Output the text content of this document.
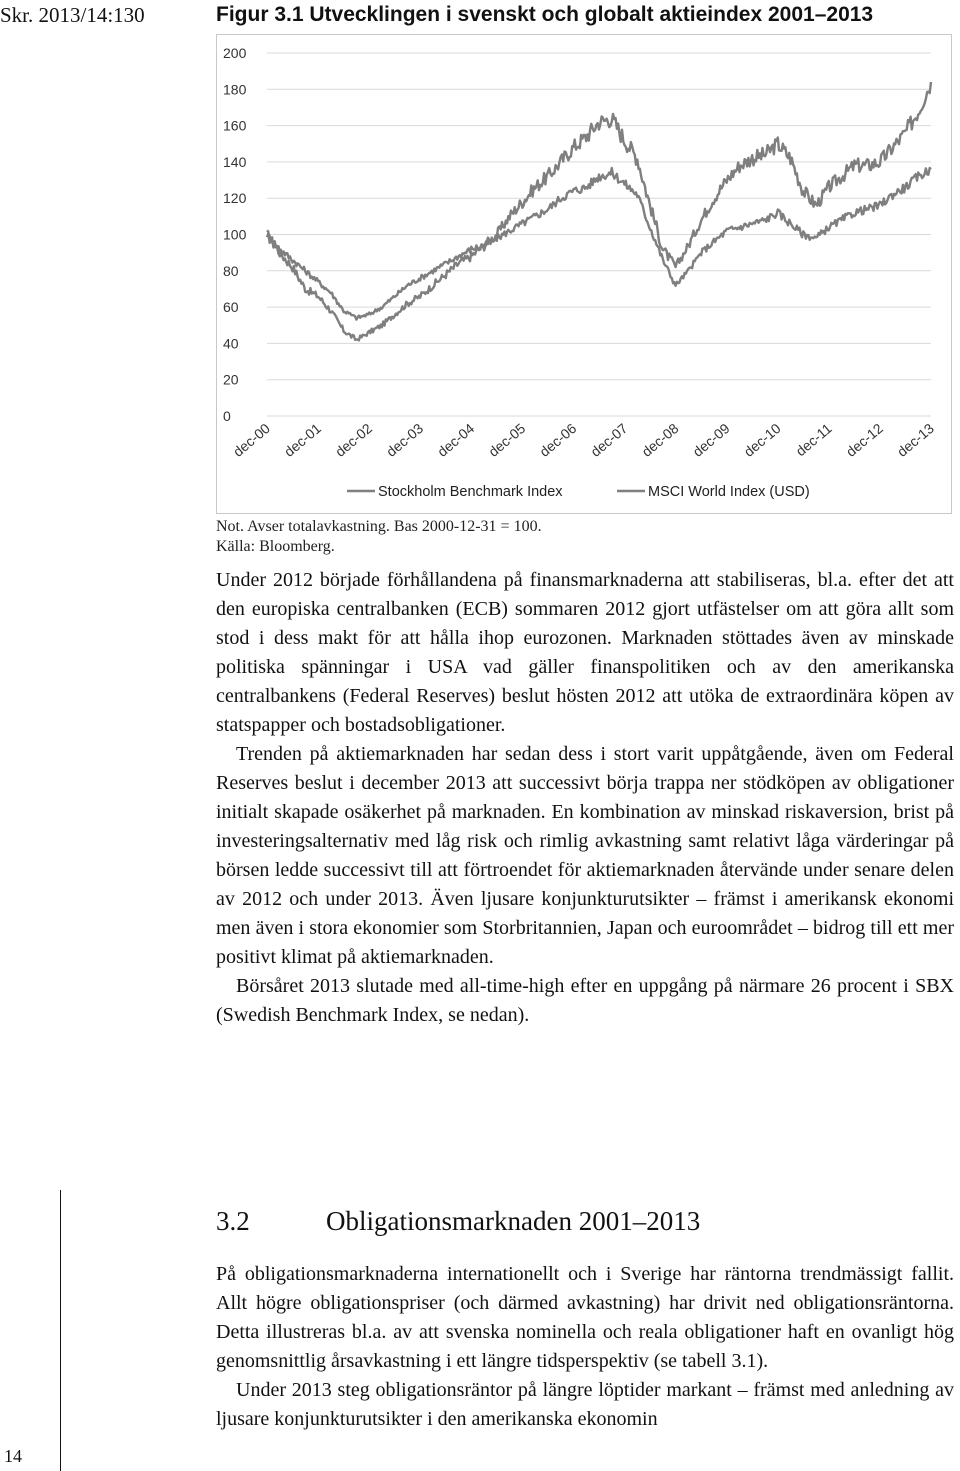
Skr. 2013/14:130	Figur 3.1 Utvecklingen i svenskt och globalt aktieindex 2001–2013
0
20
40
60
80
100
120
140
160
180
200
dec-00 dec-01 dec-02 dec-03 dec-04 dec-05 dec-06 dec-07 dec-08 dec-09 dec-10 dec-11 dec-12 dec-13
Stockholm Benchmark Index	MSCI World Index (USD)
Not. Avser totalavkastning. Bas 2000-12-31 = 100.
Källa: Bloomberg.

Under 2012 började förhållandena på finansmarknaderna att stabiliseras, bl.a. efter det att den europiska centralbanken (ECB) sommaren 2012 gjort utfästelser om att göra allt som stod i dess makt för att hålla ihop eurozonen. Marknaden stöttades även av minskade politiska spänningar i USA vad gäller finanspolitiken och av den amerikanska centralbankens (Federal Reserves) beslut hösten 2012 att utöka de extraordinära köpen av statspapper och bostadsobligationer.

Trenden på aktiemarknaden har sedan dess i stort varit uppåtgående, även om Federal Reserves beslut i december 2013 att successivt börja trappa ner stödköpen av obligationer initialt skapade osäkerhet på marknaden. En kombination av minskad riskaversion, brist på investeringsalternativ med låg risk och rimlig avkastning samt relativt låga värderingar på börsen ledde successivt till att förtroendet för aktiemarknaden återvände under senare delen av 2012 och under 2013. Även ljusare konjunkturutsikter – främst i amerikansk ekonomi men även i stora ekonomier som Storbritannien, Japan och euroområdet – bidrog till ett mer positivt klimat på aktiemarknaden.

Börsåret 2013 slutade med all-time-high efter en uppgång på närmare 26 procent i SBX (Swedish Benchmark Index, se nedan).

3.2	Obligationsmarknaden 2001–2013

På obligationsmarknaderna internationellt och i Sverige har räntorna trendmässigt fallit. Allt högre obligationspriser (och därmed avkastning) har drivit ned obligationsräntorna. Detta illustreras bl.a. av att svenska nominella och reala obligationer haft en ovanligt hög genomsnittlig årsavkastning i ett längre tidsperspektiv (se tabell 3.1).

Under 2013 steg obligationsräntor på längre löptider markant – främst med anledning av ljusare konjunkturutsikter i den amerikanska ekonomin

14
